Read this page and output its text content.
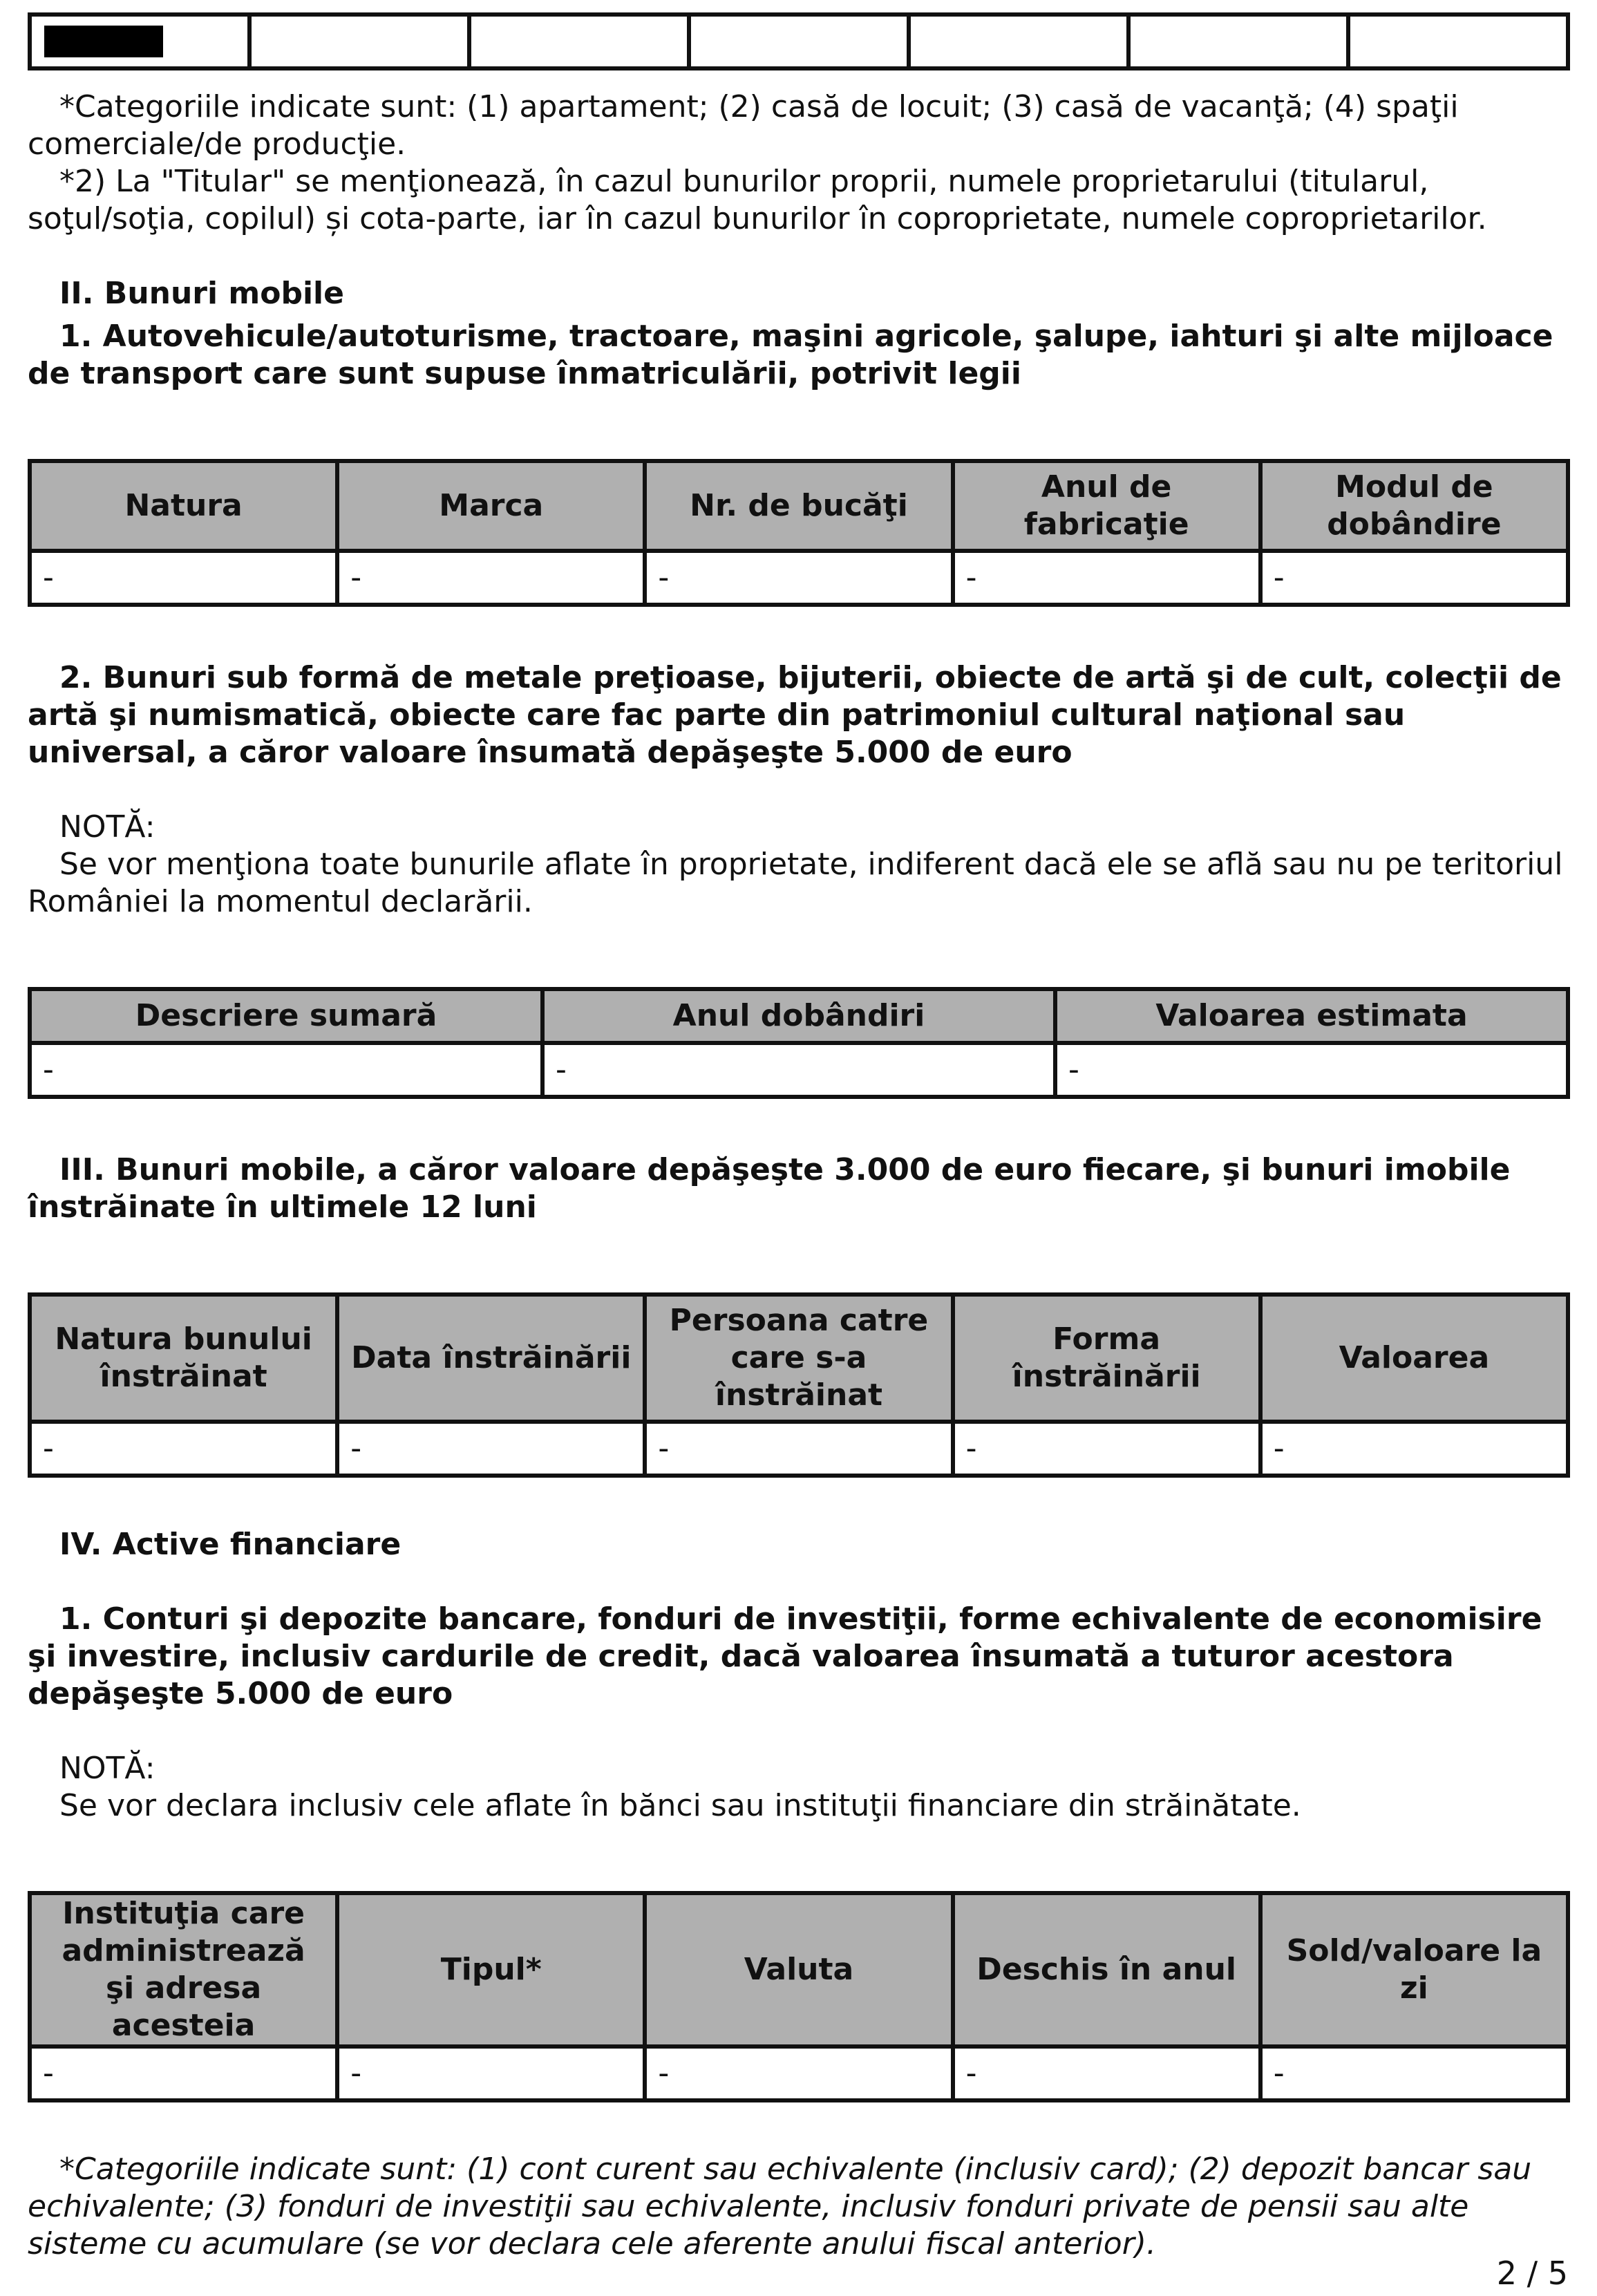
*Categoriile indicate sunt: (1) apartament; (2) casă de locuit; (3) casă de vacanţă; (4) spaţii comerciale/de producţie.

*2) La "Titular" se menţionează, în cazul bunurilor proprii, numele proprietarului (titularul, soţul/soţia, copilul) și cota-parte, iar în cazul bunurilor în coproprietate, numele coproprietarilor.

II. Bunuri mobile

1. Autovehicule/autoturisme, tractoare, maşini agricole, şalupe, iahturi şi alte mijloace de transport care sunt supuse înmatriculării, potrivit legii

Natura	Marca	Nr. de bucăţi	Anul de fabricaţie	Modul de dobândire
-	-	-	-	-

2. Bunuri sub formă de metale preţioase, bijuterii, obiecte de artă şi de cult, colecţii de artă şi numismatică, obiecte care fac parte din patrimoniul cultural naţional sau universal, a căror valoare însumată depăşeşte 5.000 de euro

NOTĂ:

Se vor menţiona toate bunurile aflate în proprietate, indiferent dacă ele se află sau nu pe teritoriul României la momentul declarării.

Descriere sumară	Anul dobândiri	Valoarea estimata
-	-	-

III. Bunuri mobile, a căror valoare depăşeşte 3.000 de euro fiecare, şi bunuri imobile înstrăinate în ultimele 12 luni

Natura bunului înstrăinat	Data înstrăinării	Persoana catre care s-a înstrăinat	Forma înstrăinării	Valoarea
-	-	-	-	-

IV. Active financiare

1. Conturi şi depozite bancare, fonduri de investiţii, forme echivalente de economisire şi investire, inclusiv cardurile de credit, dacă valoarea însumată a tuturor acestora depăşeşte 5.000 de euro

NOTĂ:

Se vor declara inclusiv cele aflate în bănci sau instituţii financiare din străinătate.

Instituţia care administrează şi adresa acesteia	Tipul*	Valuta	Deschis în anul	Sold/valoare la zi
-	-	-	-	-

*Categoriile indicate sunt: (1) cont curent sau echivalente (inclusiv card); (2) depozit bancar sau echivalente; (3) fonduri de investiţii sau echivalente, inclusiv fonduri private de pensii sau alte sisteme cu acumulare (se vor declara cele aferente anului fiscal anterior).

2 / 5
